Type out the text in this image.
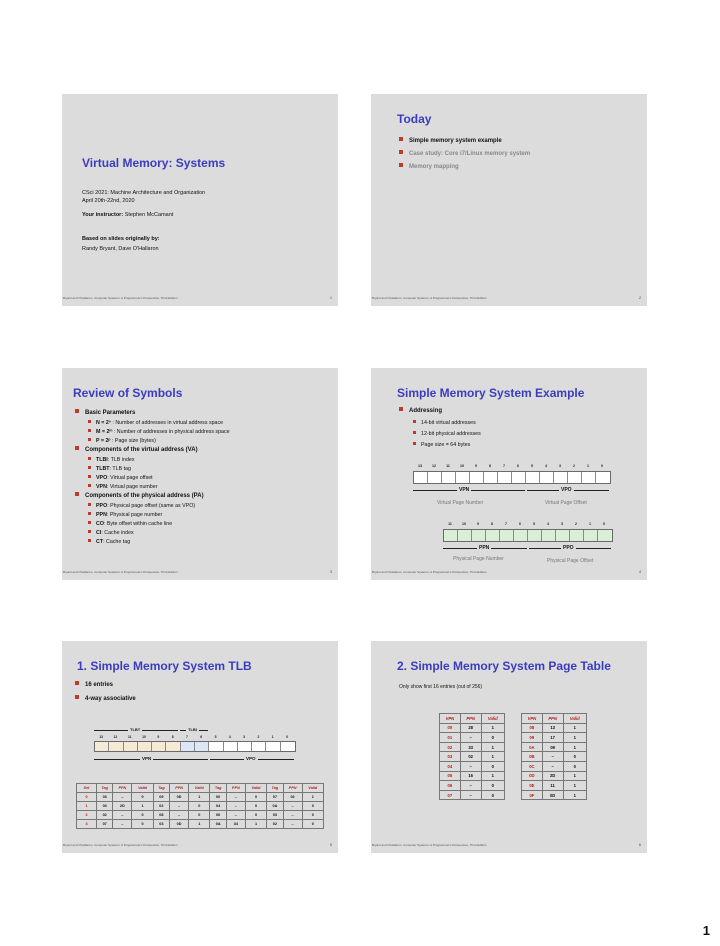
Virtual Memory: Systems
CSci 2021: Machine Architecture and Organization
April 20th-22nd, 2020
Your instructor: Stephen McCamant
Based on slides originally by:
Randy Bryant, Dave O'Hallaron
Bryant and O'Hallaron, Computer Systems: A Programmer's Perspective, Third Edition	1
Today
Simple memory system example
Case study: Core i7/Linux memory system
Memory mapping
Bryant and O'Hallaron, Computer Systems: A Programmer's Perspective, Third Edition	2
Review of Symbols
Basic Parameters
N = 2ⁿ : Number of addresses in virtual address space
M = 2ᵐ : Number of addresses in physical address space
P = 2ᵖ : Page size (bytes)
Components of the virtual address (VA)
TLBI: TLB index
TLBT: TLB tag
VPO: Virtual page offset
VPN: Virtual page number
Components of the physical address (PA)
PPO: Physical page offset (same as VPO)
PPN: Physical page number
CO: Byte offset within cache line
CI: Cache index
CT: Cache tag
Bryant and O'Hallaron, Computer Systems: A Programmer's Perspective, Third Edition	3
Simple Memory System Example
Addressing
14-bit virtual addresses
12-bit physical addresses
Page size = 64 bytes
13	12	11	10	9	8	7	6	5	4	3	2	1	0
VPN	VPO
Virtual Page Number	Virtual Page Offset
11	10	9	8	7	6	5	4	3	2	1	0
PPN	PPO
Physical Page Number	Physical Page Offset
Bryant and O'Hallaron, Computer Systems: A Programmer's Perspective, Third Edition	4
1. Simple Memory System TLB
16 entries
4-way associative
TLBT	TLBI
13	12	11	10	9	8	7	6	5	4	3	2	1	0
VPN	VPO
Set	Tag	PPN	Valid	Tag	PPN	Valid	Tag	PPN	Valid	Tag	PPN	Valid
0	03	–	0	09	0D	1	00	–	0	07	02	1
1	03	2D	1	02	–	0	04	–	0	0A	–	0
2	02	–	0	08	–	0	06	–	0	03	–	0
3	07	–	0	03	0D	1	0A	34	1	02	–	0
Bryant and O'Hallaron, Computer Systems: A Programmer's Perspective, Third Edition	5
2. Simple Memory System Page Table
Only show first 16 entries (out of 256)
VPN	PPN	Valid
00	28	1
01	–	0
02	33	1
03	02	1
04	–	0
05	16	1
06	–	0
07	–	0
VPN	PPN	Valid
08	13	1
09	17	1
0A	09	1
0B	–	0
0C	–	0
0D	2D	1
0E	11	1
0F	0D	1
Bryant and O'Hallaron, Computer Systems: A Programmer's Perspective, Third Edition	6
1
